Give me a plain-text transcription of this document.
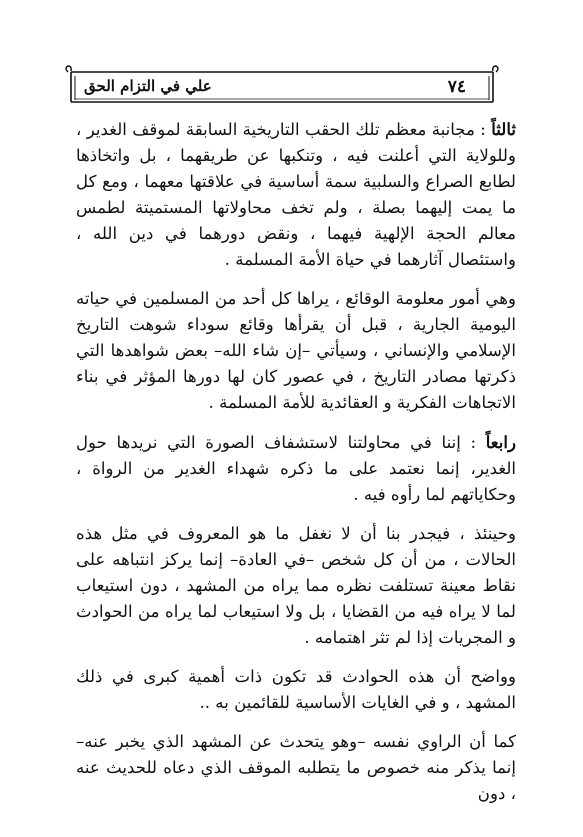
٧٤
علي في التزام الحق

ثالثاً : مجانبة معظم تلك الحقب التاريخية السابقة لموقف الغدير ، وللولاية التي أعلنت فيه ، وتنكبها عن طريقهما ، بل واتخاذها لطابع الصراع والسلبية سمة أساسية في علاقتها معهما ، ومع كل ما يمت إليهما بصلة ، ولم تخف محاولاتها المستميتة لطمس معالم الحجة الإلهية فيهما ، ونقض دورهما في دين الله ، واستئصال آثارهما في حياة الأمة المسلمة .

وهي أمور معلومة الوقائع ، يراها كل أحد من المسلمين في حياته اليومية الجارية ، قبل أن يقرأها وقائع سوداء شوهت التاريخ الإسلامي والإنساني ، وسيأتي –إن شاء الله– بعض شواهدها التي ذكرتها مصادر التاريخ ، في عصور كان لها دورها المؤثر في بناء الاتجاهات الفكرية و العقائدية للأمة المسلمة .

رابعاً : إننا في محاولتنا لاستشفاف الصورة التي نريدها حول الغدير، إنما نعتمد على ما ذكره شهداء الغدير من الرواة ، وحكاياتهم لما رأوه فيه .

وحينئذ ، فيجدر بنا أن لا نغفل ما هو المعروف في مثل هذه الحالات ، من أن كل شخص –في العادة– إنما يركز انتباهه على نقاط معينة تستلفت نظره مما يراه من المشهد ، دون استيعاب لما لا يراه فيه من القضايا ، بل ولا استيعاب لما يراه من الحوادث و المجريات إذا لم تثر اهتمامه .

وواضح أن هذه الحوادث قد تكون ذات أهمية كبرى في ذلك المشهد ، و في الغايات الأساسية للقائمين به ..

كما أن الراوي نفسه –وهو يتحدث عن المشهد الذي يخبر عنه– إنما يذكر منه خصوص ما يتطلبه الموقف الذي دعاه للحديث عنه ، دون
